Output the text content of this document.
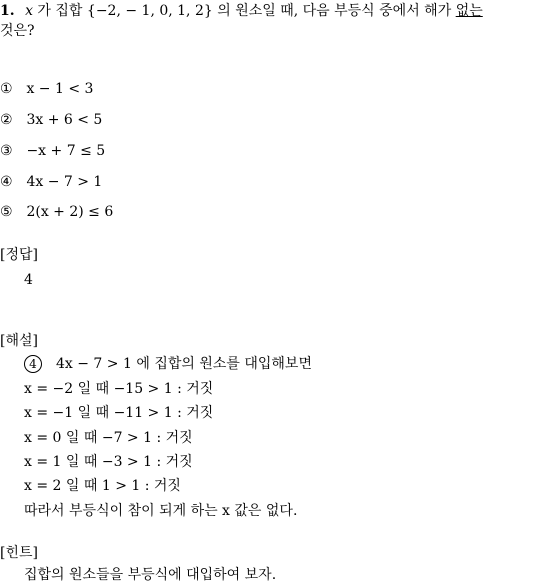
1. x 가 집합 {−2, − 1, 0, 1, 2} 의 원소일 때, 다음 부등식 중에서 해가 없는
것은?
① x − 1 < 3
② 3x + 6 < 5
③ −x + 7 ≤ 5
④ 4x − 7 > 1
⑤ 2(x + 2) ≤ 6
[정답]
4
[해설]
4 4x − 7 > 1 에 집합의 원소를 대입해보면
x = −2 일 때 −15 > 1 : 거짓
x = −1 일 때 −11 > 1 : 거짓
x = 0 일 때 −7 > 1 : 거짓
x = 1 일 때 −3 > 1 : 거짓
x = 2 일 때 1 > 1 : 거짓
따라서 부등식이 참이 되게 하는 x 값은 없다.
[힌트]
집합의 원소들을 부등식에 대입하여 보자.
